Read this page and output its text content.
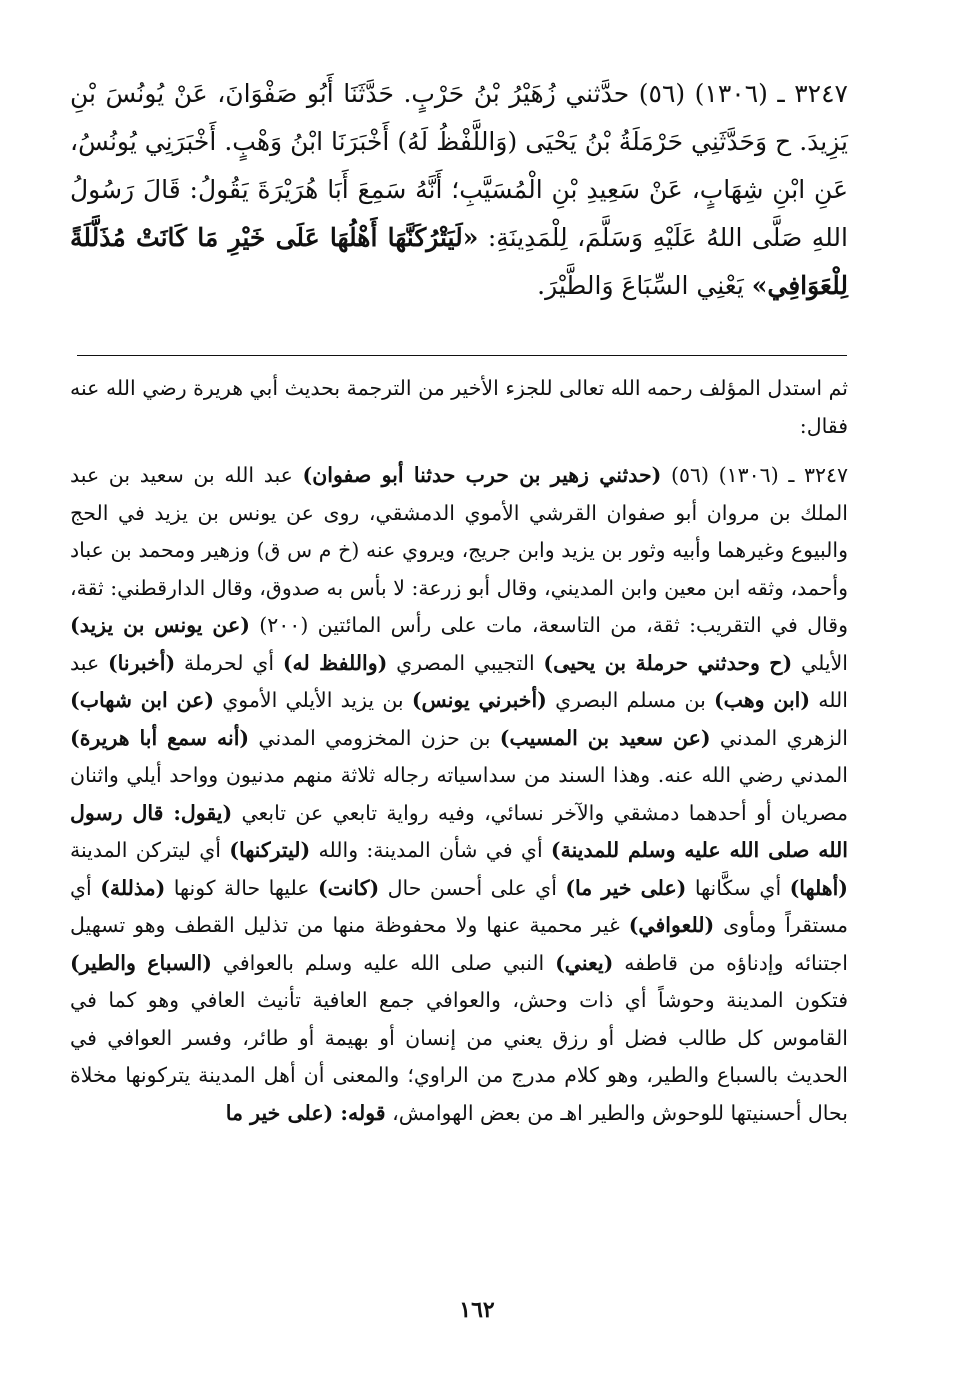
٣٢٤٧ ـ (١٣٠٦) (٥٦) حدَّثني زُهَيْرُ بْنُ حَرْبٍ. حَدَّثَنَا أَبُو صَفْوَانَ، عَنْ يُونُسَ بْنِ يَزِيدَ. ح وَحَدَّثَنِي حَرْمَلَةُ بْنُ يَحْيَى (وَاللَّفْظُ لَهُ) أَخْبَرَنَا ابْنُ وَهْبٍ. أَخْبَرَنِي يُونُسُ، عَنِ ابْنِ شِهَابٍ، عَنْ سَعِيدِ بْنِ الْمُسَيَّبِ؛ أَنَّهُ سَمِعَ أَبَا هُرَيْرَةَ يَقُولُ: قَالَ رَسُولُ اللهِ صَلَّى اللهُ عَلَيْهِ وَسَلَّمَ، لِلْمَدِينَةِ: «لَيَتْرُكَنَّهَا أَهْلُهَا عَلَى خَيْرِ مَا كَانَتْ مُذَلَّلَةً لِلْعَوَافِي» يَعْنِي السِّبَاعَ وَالطَّيْرَ.

ثم استدل المؤلف رحمه الله تعالى للجزء الأخير من الترجمة بحديث أبي هريرة رضي الله عنه فقال:

٣٢٤٧ ـ (١٣٠٦) (٥٦) (حدثني زهير بن حرب حدثنا أبو صفوان) عبد الله بن سعيد بن عبد الملك بن مروان أبو صفوان القرشي الأموي الدمشقي، روى عن يونس بن يزيد في الحج والبيوع وغيرهما وأبيه وثور بن يزيد وابن جريج، ويروي عنه (خ م س ق) وزهير ومحمد بن عباد وأحمد، وثقه ابن معين وابن المديني، وقال أبو زرعة: لا بأس به صدوق، وقال الدارقطني: ثقة، وقال في التقريب: ثقة، من التاسعة، مات على رأس المائتين (٢٠٠) (عن يونس بن يزيد) الأيلي (ح وحدثني حرملة بن يحيى) التجيبي المصري (واللفظ له) أي لحرملة (أخبرنا) عبد الله (ابن وهب) بن مسلم البصري (أخبرني يونس) بن يزيد الأيلي الأموي (عن ابن شهاب) الزهري المدني (عن سعيد بن المسيب) بن حزن المخزومي المدني (أنه سمع أبا هريرة) المدني رضي الله عنه. وهذا السند من سداسياته رجاله ثلاثة منهم مدنيون وواحد أيلي واثنان مصريان أو أحدهما دمشقي والآخر نسائي، وفيه رواية تابعي عن تابعي (يقول: قال رسول الله صلى الله عليه وسلم للمدينة) أي في شأن المدينة: والله (ليتركنها) أي ليتركن المدينة (أهلها) أي سكَّانها (على خير ما) أي على أحسن حال (كانت) عليها حالة كونها (مذللة) أي مستقراً ومأوى (للعوافي) غير محمية عنها ولا محفوظة منها من تذليل القطف وهو تسهيل اجتنائه وإدناؤه من قاطفه (يعني) النبي صلى الله عليه وسلم بالعوافي (السباع والطير) فتكون المدينة وحوشاً أي ذات وحش، والعوافي جمع العافية تأنيث العافي وهو كما في القاموس كل طالب فضل أو رزق يعني من إنسان أو بهيمة أو طائر، وفسر العوافي في الحديث بالسباع والطير، وهو كلام مدرج من الراوي؛ والمعنى أن أهل المدينة يتركونها مخلاة بحال أحسنيتها للوحوش والطير اهـ من بعض الهوامش، قوله: (على خير ما

١٦٢
